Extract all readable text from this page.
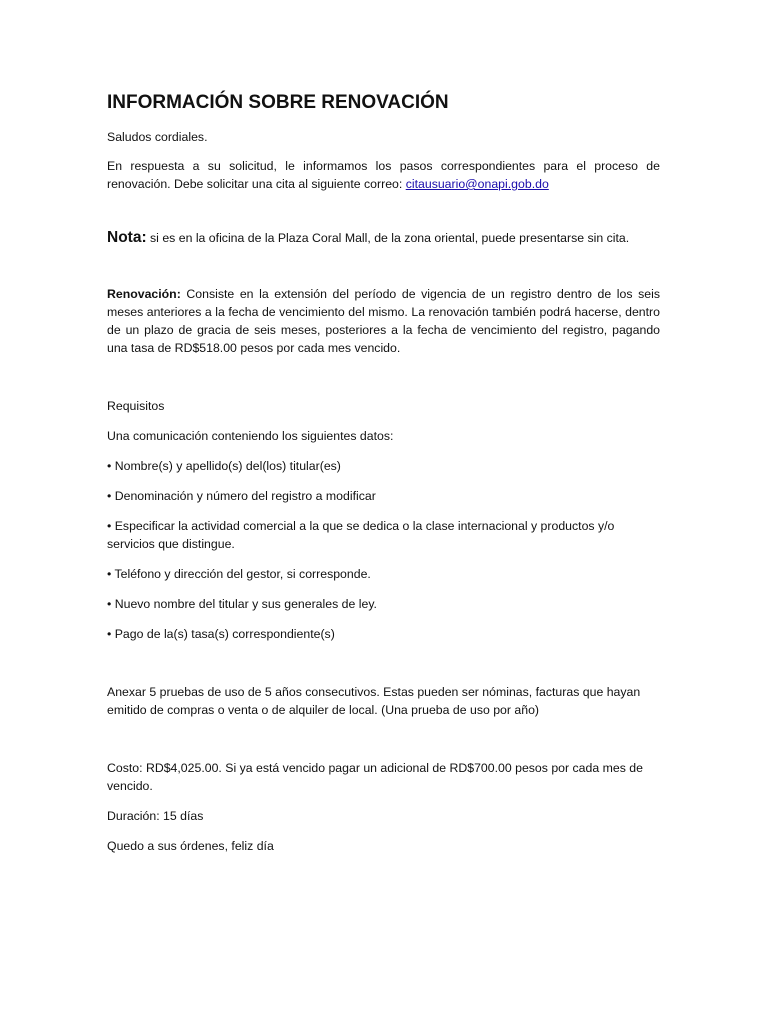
INFORMACIÓN SOBRE RENOVACIÓN

Saludos cordiales.

En respuesta a su solicitud, le informamos los pasos correspondientes para el proceso de renovación. Debe solicitar una cita al siguiente correo: citausuario@onapi.gob.do

Nota: si es en la oficina de la Plaza Coral Mall, de la zona oriental, puede presentarse sin cita.

Renovación: Consiste en la extensión del período de vigencia de un registro dentro de los seis meses anteriores a la fecha de vencimiento del mismo. La renovación también podrá hacerse, dentro de un plazo de gracia de seis meses, posteriores a la fecha de vencimiento del registro, pagando una tasa de RD$518.00 pesos por cada mes vencido.

Requisitos

Una comunicación conteniendo los siguientes datos:

• Nombre(s) y apellido(s) del(los) titular(es)

• Denominación y número del registro a modificar

• Especificar la actividad comercial a la que se dedica o la clase internacional y productos y/o servicios que distingue.

• Teléfono y dirección del gestor, si corresponde.

• Nuevo nombre del titular y sus generales de ley.

• Pago de la(s) tasa(s) correspondiente(s)

Anexar 5 pruebas de uso de 5 años consecutivos. Estas pueden ser nóminas, facturas que hayan emitido de compras o venta o de alquiler de local. (Una prueba de uso por año)

Costo: RD$4,025.00. Si ya está vencido pagar un adicional de RD$700.00 pesos por cada mes de vencido.

Duración: 15 días

Quedo a sus órdenes, feliz día
